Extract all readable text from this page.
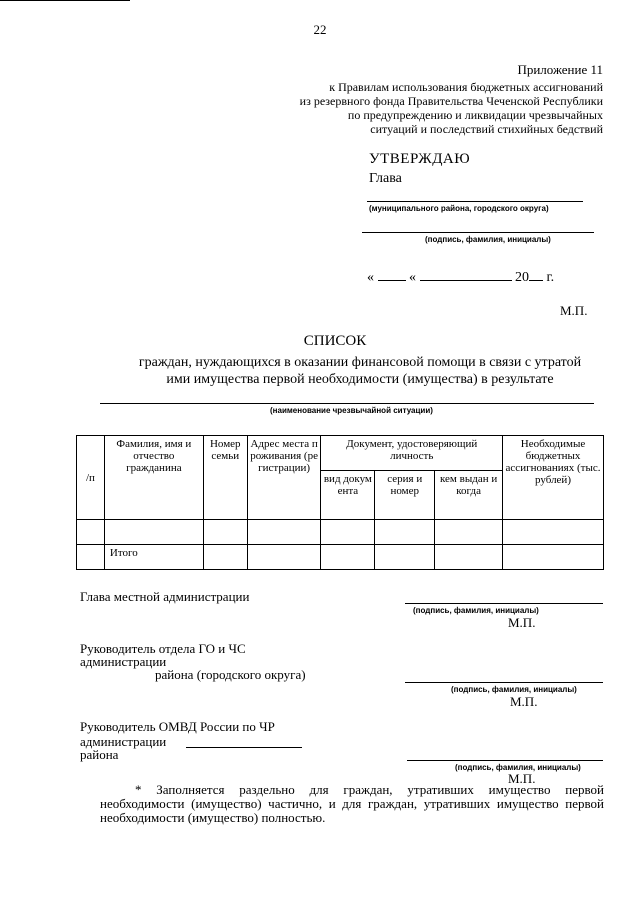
22
Приложение 11
к Правилам использования бюджетных ассигнований
из резервного фонда Правительства Чеченской Республики
по предупреждению и ликвидации чрезвычайных
ситуаций и последствий стихийных бедствий
УТВЕРЖДАЮ
Глава
(муниципального района, городского округа)
(подпись, фамилия, инициалы)
«	«	20 г.
М.П.
СПИСОК
граждан, нуждающихся в оказании финансовой помощи в связи с утратой
ими имущества первой необходимости (имущества) в результате
(наименование чрезвычайной ситуации)
/п	Фамилия, имя и отчество гражданина	Номер семьи	Адрес места проживания (регистрации)	Документ, удостоверяющий личность			Необходимые бюджетных ассигнованиях (тыс. рублей)
				вид документа	серия и номер	кем выдан и когда	

	Итого						
Глава местной администрации
(подпись, фамилия, инициалы)
М.П.
Руководитель отдела ГО и ЧС
администрации
района (городского округа)
(подпись, фамилия, инициалы)
М.П.
Руководитель ОМВД России по ЧР
администрации
района
(подпись, фамилия, инициалы)
М.П.
* Заполняется раздельно для граждан, утративших имущество первой необходимости (имущество) частично, и для граждан, утративших имущество первой необходимости (имущество) полностью.
